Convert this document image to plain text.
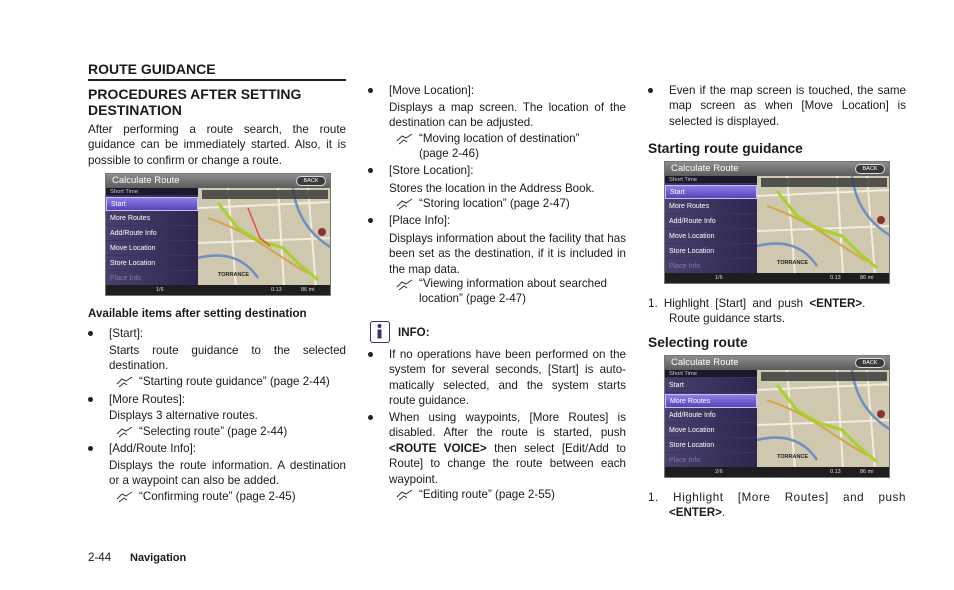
ROUTE GUIDANCE
PROCEDURES AFTER SETTING
DESTINATION

After performing a route search, the route guidance can be immediately started. Also, it is possible to confirm or change a route.

Calculate Route	BACK
Short Time
Start
More Routes
Add/Route Info
Move Location
Store Location
Place Info
TORRANCE
1/6	0.13	86 mi
Available items after setting destination
[Start]:

Starts route guidance to the selected destination.

“Starting route guidance” (page 2-44)
[More Routes]:
Displays 3 alternative routes.
“Selecting route” (page 2-44)
[Add/Route Info]:

Displays the route information. A destination or a waypoint can also be added.

“Confirming route” (page 2-45)
[Move Location]:

Displays a map screen. The location of the destination can be adjusted.

“Moving location of destination”
(page 2-46)
[Store Location]:
Stores the location in the Address Book.
“Storing location” (page 2-47)
[Place Info]:

Displays information about the facility that has been set as the destination, if it is included in the map data.

“Viewing information about searched
location” (page 2-47)
INFO:

If no operations have been performed on the system for several seconds, [Start] is auto-matically selected, and the system starts route guidance.

When using waypoints, [More Routes] is disabled. After the route is started, push <ROUTE VOICE> then select [Edit/Add to Route] to change the route between each waypoint.

“Editing route” (page 2-55)

Even if the map screen is touched, the same map screen as when [Move Location] is selected is displayed.

Starting route guidance
Calculate Route	BACK
Short Time
Start
More Routes
Add/Route Info
Move Location
Store Location
Place Info
TORRANCE
1/6	0.13	86 mi

1. Highlight [Start] and push <ENTER>.

Route guidance starts.
Selecting route
Calculate Route	BACK
Short Time
Start
More Routes
Add/Route Info
Move Location
Store Location
Place Info
TORRANCE
2/6	0.13	86 mi
1. Highlight [More Routes] and push
<ENTER>.
2-44 Navigation
